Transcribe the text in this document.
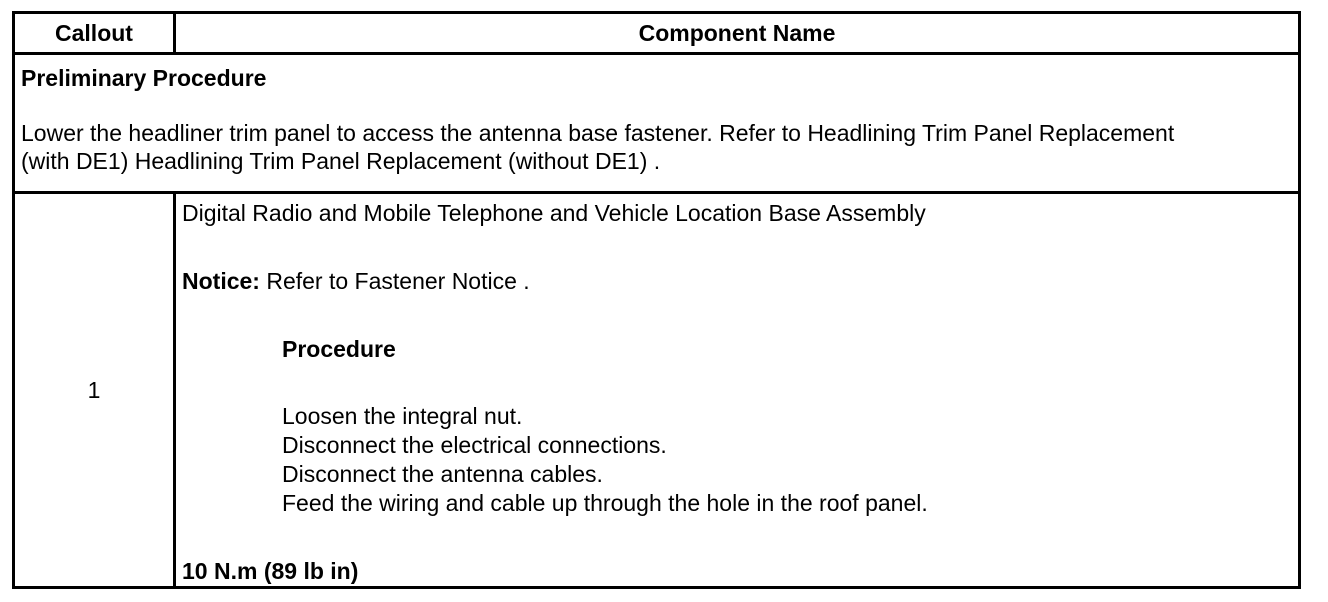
Callout	Component Name
Preliminary Procedure
Lower the headliner trim panel to access the antenna base fastener. Refer to Headlining Trim Panel Replacement
(with DE1) Headlining Trim Panel Replacement (without DE1) .
1
Digital Radio and Mobile Telephone and Vehicle Location Base Assembly
Notice: Refer to Fastener Notice .
Procedure
Loosen the integral nut.
Disconnect the electrical connections.
Disconnect the antenna cables.
Feed the wiring and cable up through the hole in the roof panel.
10 N.m (89 lb in)
